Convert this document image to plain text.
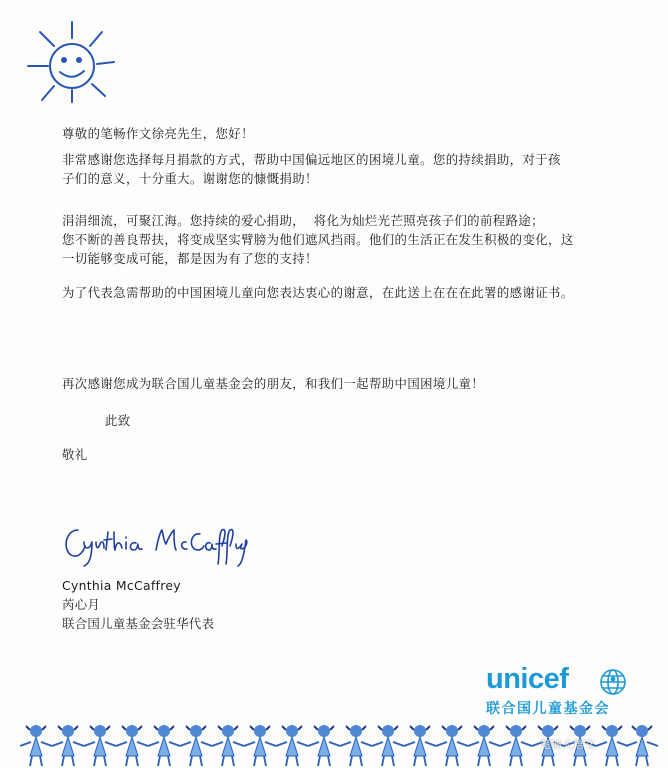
尊敬的笔畅作文徐亮先生，您好！

非常感谢您选择每月捐款的方式，帮助中国偏远地区的困境儿童。您的持续捐助，对于孩
子们的意义，十分重大。谢谢您的慷慨捐助！
涓涓细流，可聚江海。您持续的爱心捐助，  将化为灿烂光芒照亮孩子们的前程路途；
您不断的善良帮扶，将变成坚实臂膀为他们遮风挡雨。他们的生活正在发生积极的变化，这
一切能够变成可能，都是因为有了您的支持！

为了代表急需帮助的中国困境儿童向您表达衷心的谢意，在此送上在在在此署的感谢证书。

再次感谢您成为联合国儿童基金会的朋友，和我们一起帮助中国困境儿童！

此致

敬礼

Cynthia McCaffrey
芮心月
联合国儿童基金会驻华代表
unicef
联合国儿童基金会
笔畅大语文
